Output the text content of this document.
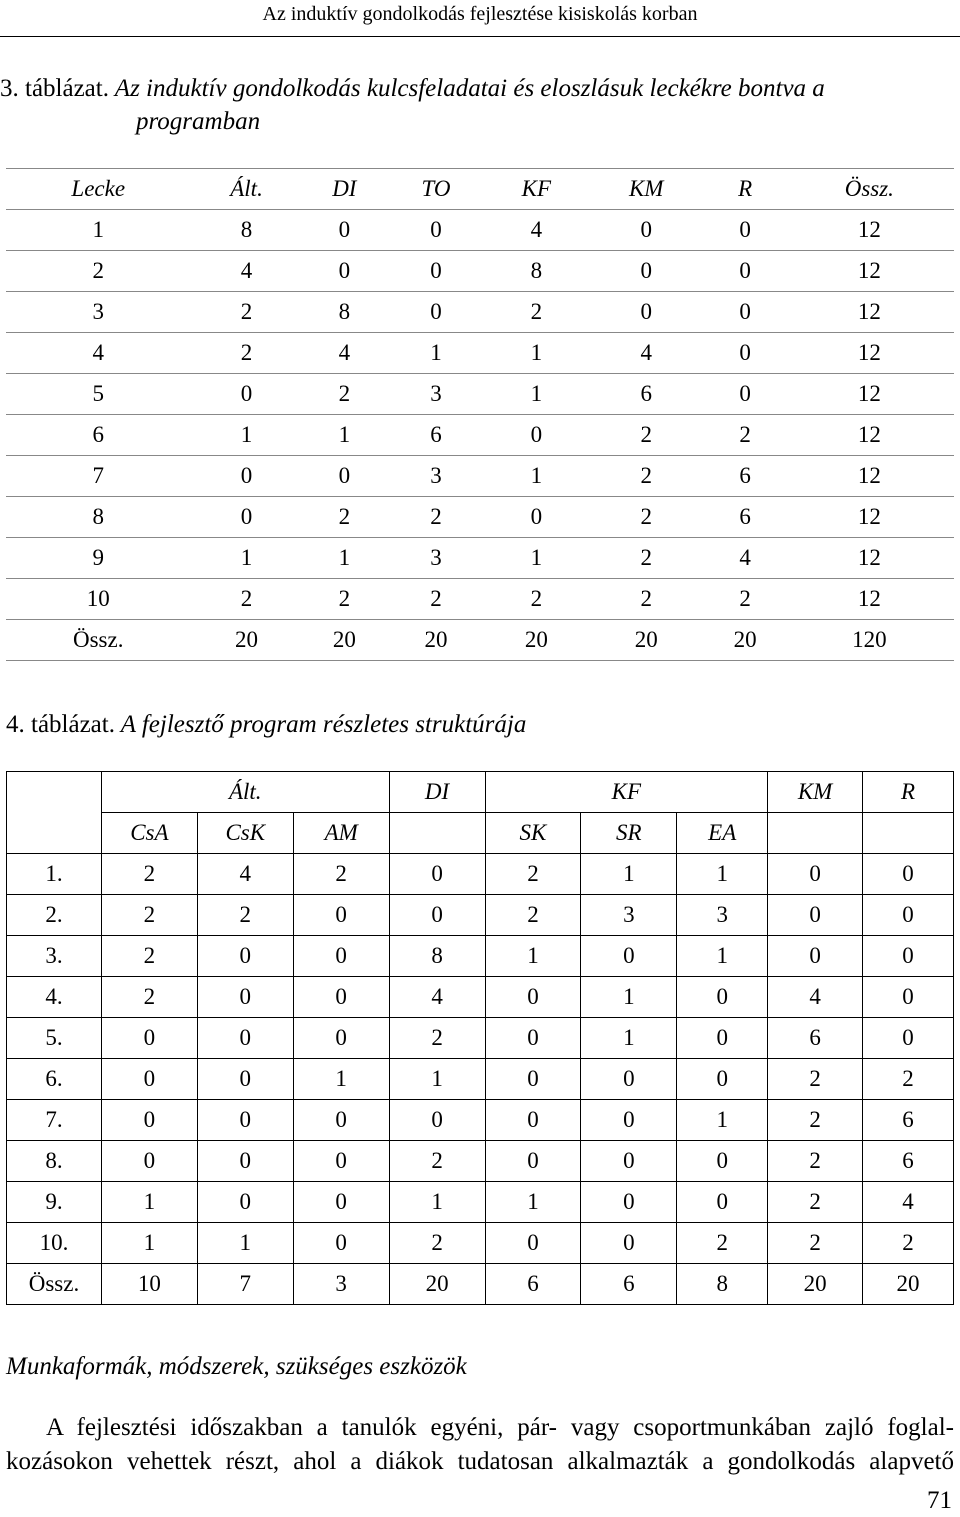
Az induktív gondolkodás fejlesztése kisiskolás korban
3. táblázat. Az induktív gondolkodás kulcsfeladatai és eloszlásuk leckékre bontva a
programban
Lecke	Ált.	DI	TO	KF	KM	R	Össz.
1	8	0	0	4	0	0	12
2	4	0	0	8	0	0	12
3	2	8	0	2	0	0	12
4	2	4	1	1	4	0	12
5	0	2	3	1	6	0	12
6	1	1	6	0	2	2	12
7	0	0	3	1	2	6	12
8	0	2	2	0	2	6	12
9	1	1	3	1	2	4	12
10	2	2	2	2	2	2	12
Össz.	20	20	20	20	20	20	120
4. táblázat. A fejlesztő program részletes struktúrája
	Ált.			DI	KF			KM	R
	CsA	CsK	AM		SK	SR	EA		
1.	2	4	2	0	2	1	1	0	0
2.	2	2	0	0	2	3	3	0	0
3.	2	0	0	8	1	0	1	0	0
4.	2	0	0	4	0	1	0	4	0
5.	0	0	0	2	0	1	0	6	0
6.	0	0	1	1	0	0	0	2	2
7.	0	0	0	0	0	0	1	2	6
8.	0	0	0	2	0	0	0	2	6
9.	1	0	0	1	1	0	0	2	4
10.	1	1	0	2	0	0	2	2	2
Össz.	10	7	3	20	6	6	8	20	20
Munkaformák, módszerek, szükséges eszközök
A fejlesztési időszakban a tanulók egyéni, pár- vagy csoportmunkában zajló foglal-
kozásokon vehettek részt, ahol a diákok tudatosan alkalmazták a gondolkodás alapvető
71
